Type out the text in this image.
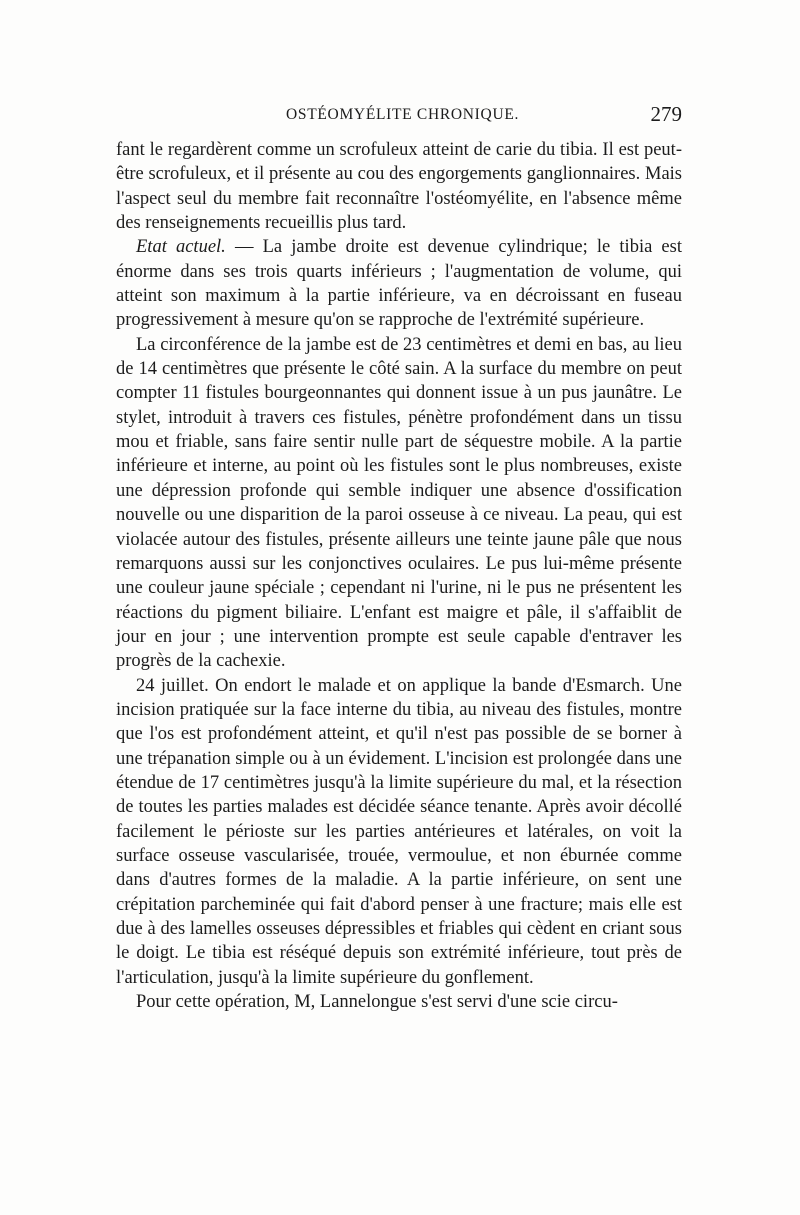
OSTÉOMYÉLITE CHRONIQUE.	279

fant le regardèrent comme un scrofuleux atteint de carie du tibia. Il est peut-être scrofuleux, et il présente au cou des engorgements ganglionnaires. Mais l'aspect seul du membre fait reconnaître l'ostéomyélite, en l'absence même des renseignements recueillis plus tard.

Etat actuel. — La jambe droite est devenue cylindrique; le tibia est énorme dans ses trois quarts inférieurs ; l'augmentation de volume, qui atteint son maximum à la partie inférieure, va en décroissant en fuseau progressivement à mesure qu'on se rapproche de l'extrémité supérieure.

La circonférence de la jambe est de 23 centimètres et demi en bas, au lieu de 14 centimètres que présente le côté sain. A la surface du membre on peut compter 11 fistules bourgeonnantes qui donnent issue à un pus jaunâtre. Le stylet, introduit à travers ces fistules, pénètre profondément dans un tissu mou et friable, sans faire sentir nulle part de séquestre mobile. A la partie inférieure et interne, au point où les fistules sont le plus nombreuses, existe une dépression profonde qui semble indiquer une absence d'ossification nouvelle ou une disparition de la paroi osseuse à ce niveau. La peau, qui est violacée autour des fistules, présente ailleurs une teinte jaune pâle que nous remarquons aussi sur les conjonctives oculaires. Le pus lui-même présente une couleur jaune spéciale ; cependant ni l'urine, ni le pus ne présentent les réactions du pigment biliaire. L'enfant est maigre et pâle, il s'affaiblit de jour en jour ; une intervention prompte est seule capable d'entraver les progrès de la cachexie.

24 juillet. On endort le malade et on applique la bande d'Esmarch. Une incision pratiquée sur la face interne du tibia, au niveau des fistules, montre que l'os est profondément atteint, et qu'il n'est pas possible de se borner à une trépanation simple ou à un évidement. L'incision est prolongée dans une étendue de 17 centimètres jusqu'à la limite supérieure du mal, et la résection de toutes les parties malades est décidée séance tenante. Après avoir décollé facilement le périoste sur les parties antérieures et latérales, on voit la surface osseuse vascularisée, trouée, vermoulue, et non éburnée comme dans d'autres formes de la maladie. A la partie inférieure, on sent une crépitation parcheminée qui fait d'abord penser à une fracture; mais elle est due à des lamelles osseuses dépressibles et friables qui cèdent en criant sous le doigt. Le tibia est réséqué depuis son extrémité inférieure, tout près de l'articulation, jusqu'à la limite supérieure du gonflement.

Pour cette opération, M, Lannelongue s'est servi d'une scie circu-
